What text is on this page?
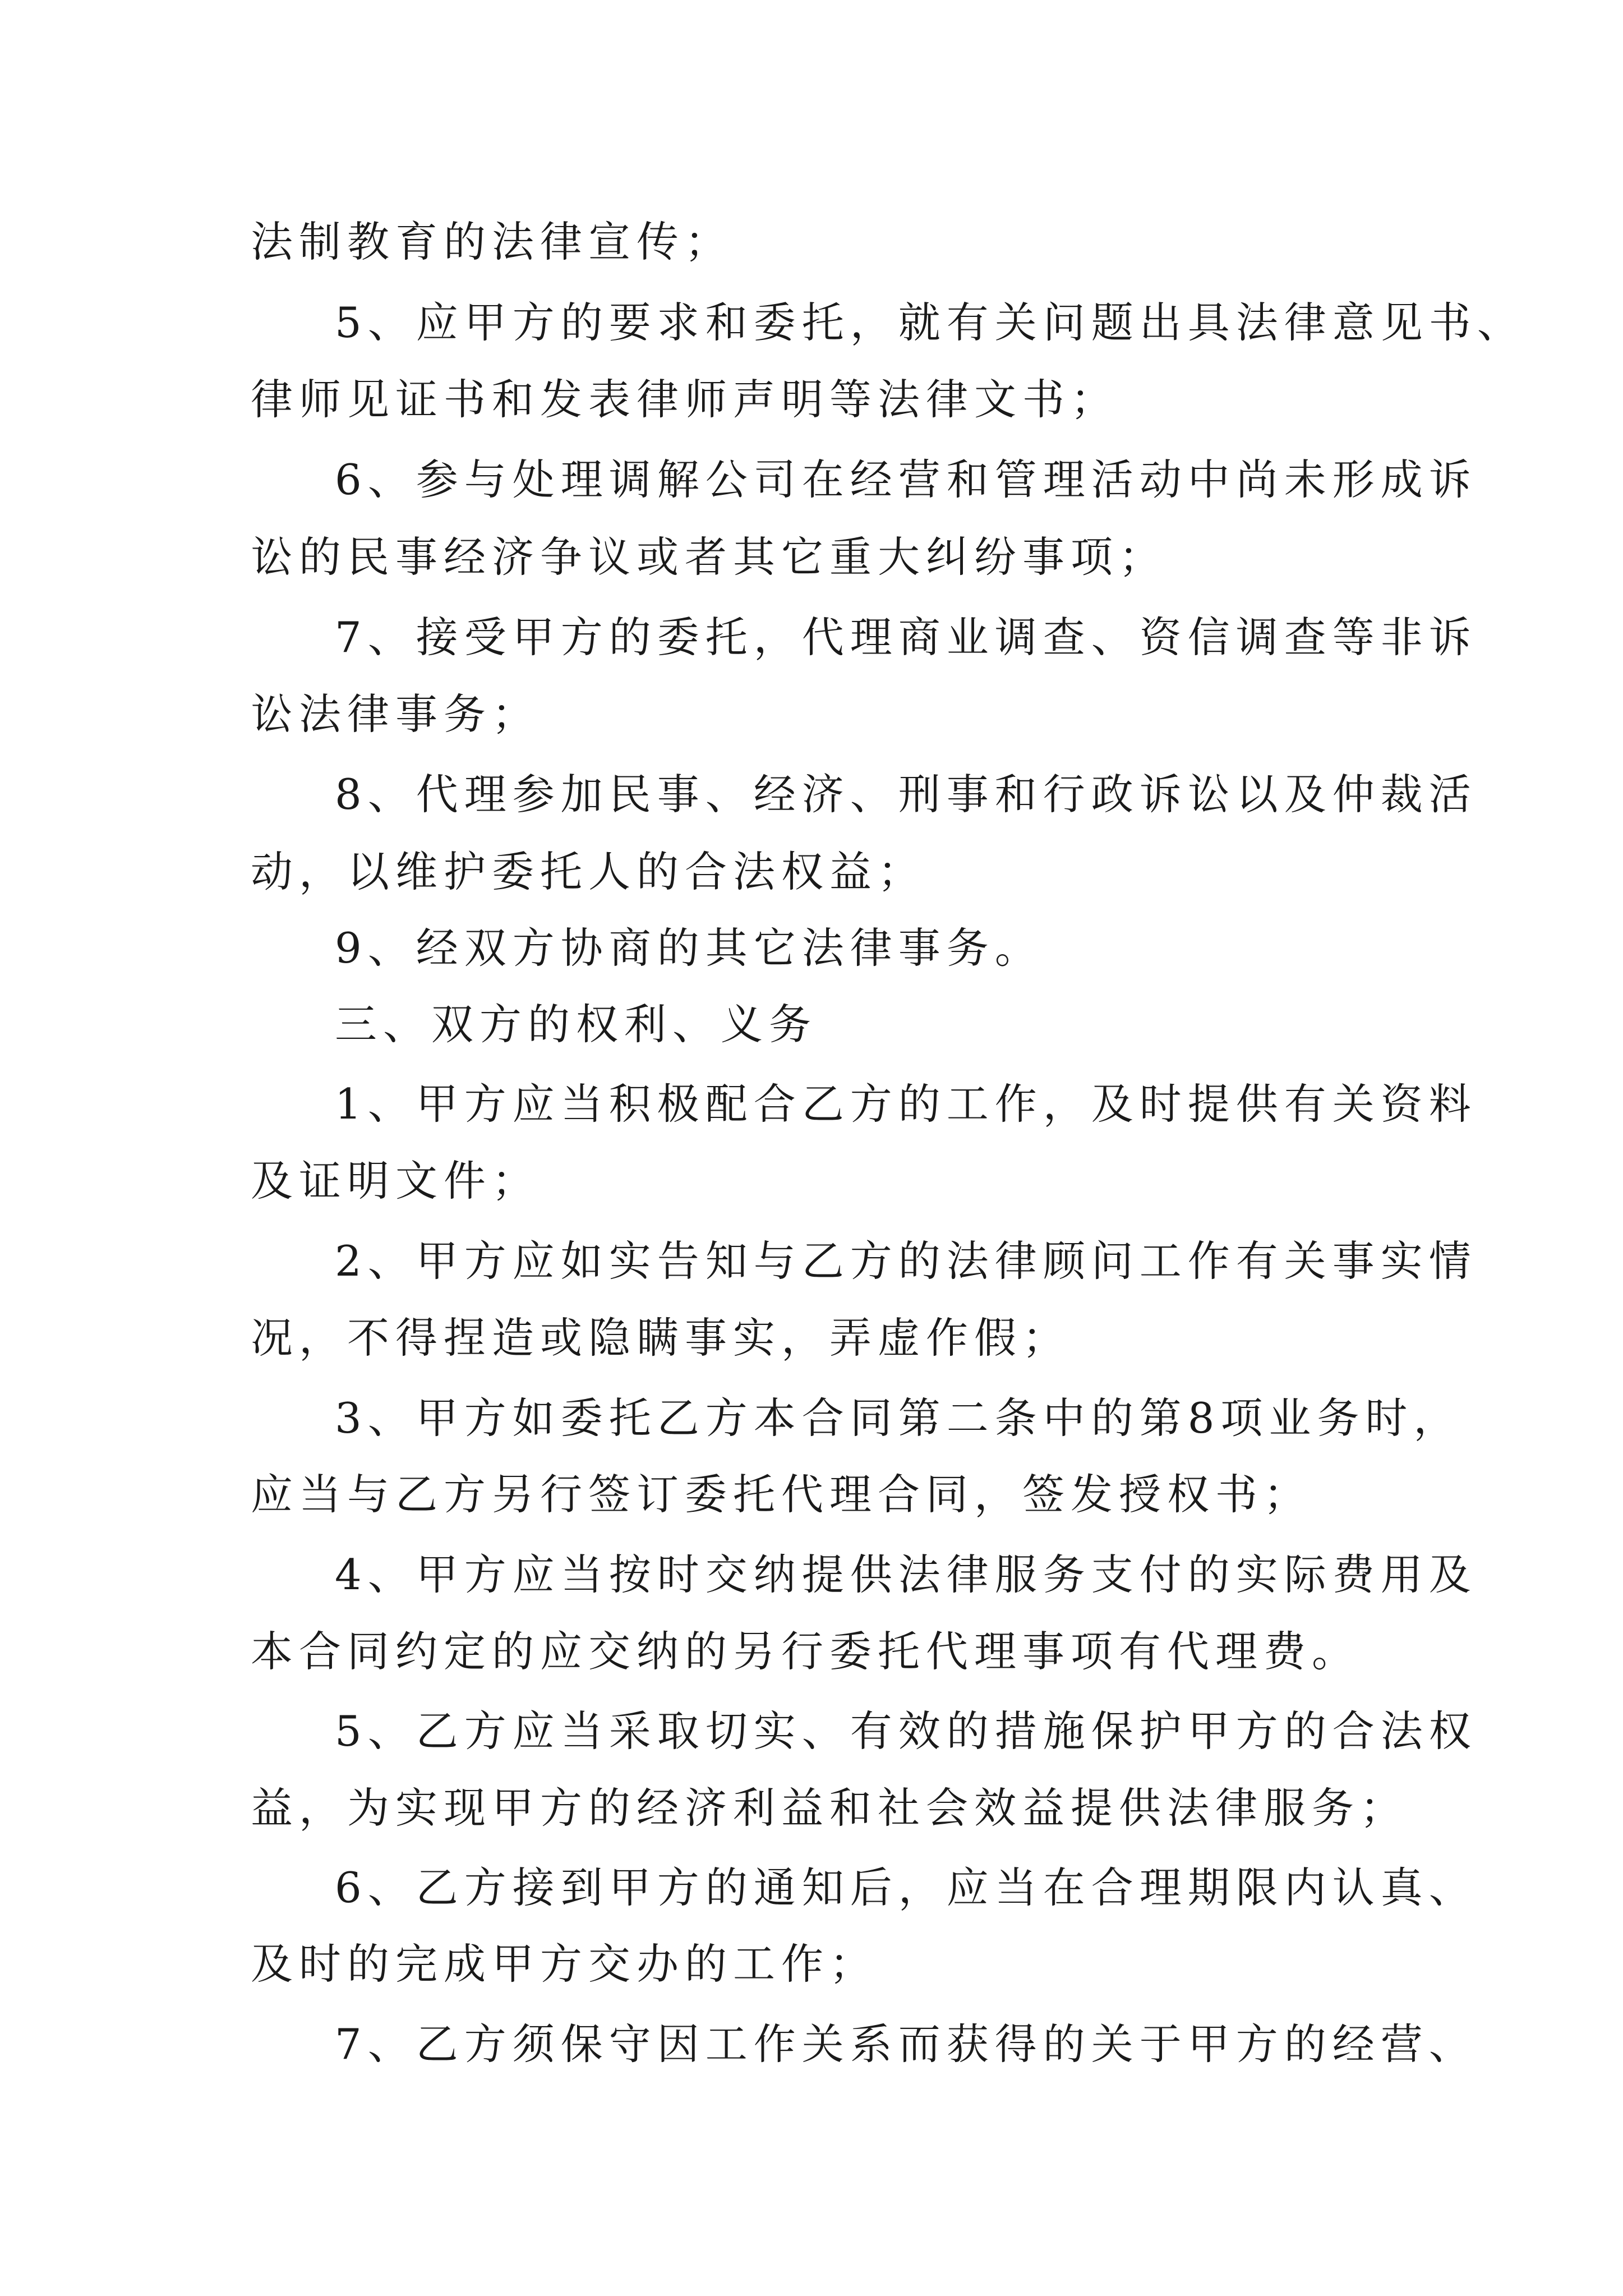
法制教育的法律宣传；
5、应甲方的要求和委托，就有关问题出具法律意见书、
律师见证书和发表律师声明等法律文书；
6、参与处理调解公司在经营和管理活动中尚未形成诉
讼的民事经济争议或者其它重大纠纷事项；
7、接受甲方的委托，代理商业调查、资信调查等非诉
讼法律事务；
8、代理参加民事、经济、刑事和行政诉讼以及仲裁活
动，以维护委托人的合法权益；
9、经双方协商的其它法律事务。
三、双方的权利、义务
1、甲方应当积极配合乙方的工作，及时提供有关资料
及证明文件；
2、甲方应如实告知与乙方的法律顾问工作有关事实情
况，不得捏造或隐瞒事实，弄虚作假；
3、甲方如委托乙方本合同第二条中的第8项业务时，
应当与乙方另行签订委托代理合同，签发授权书；
4、甲方应当按时交纳提供法律服务支付的实际费用及
本合同约定的应交纳的另行委托代理事项有代理费。
5、乙方应当采取切实、有效的措施保护甲方的合法权
益，为实现甲方的经济利益和社会效益提供法律服务；
6、乙方接到甲方的通知后，应当在合理期限内认真、
及时的完成甲方交办的工作；
7、乙方须保守因工作关系而获得的关于甲方的经营、
